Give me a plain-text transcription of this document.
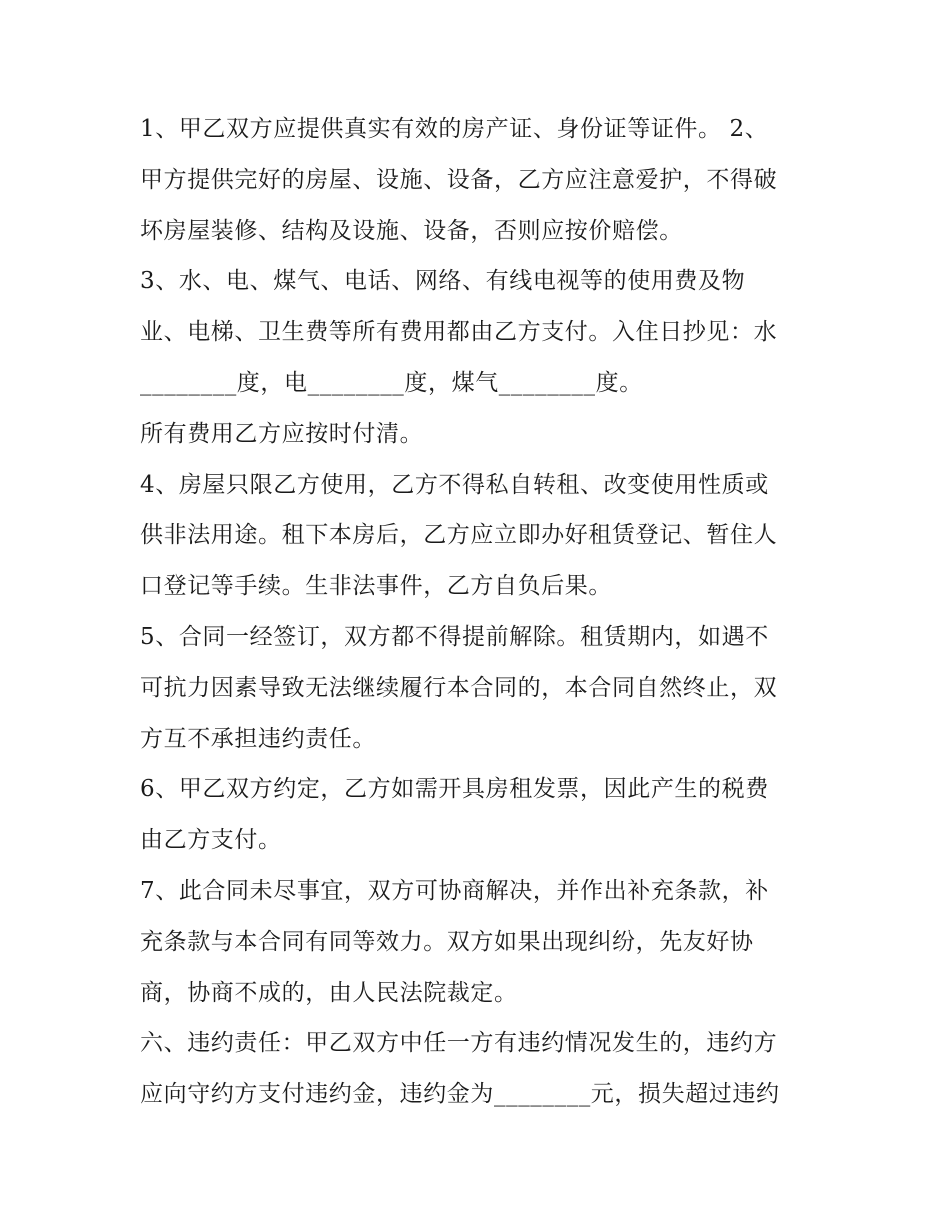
1、甲乙双方应提供真实有效的房产证、身份证等证件。 2、
甲方提供完好的房屋、设施、设备，乙方应注意爱护，不得破
坏房屋装修、结构及设施、设备，否则应按价赔偿。
3、水、电、煤气、电话、网络、有线电视等的使用费及物
业、电梯、卫生费等所有费用都由乙方支付。入住日抄见：水
________度，电________度，煤气________度。
所有费用乙方应按时付清。
4、房屋只限乙方使用，乙方不得私自转租、改变使用性质或
供非法用途。租下本房后，乙方应立即办好租赁登记、暂住人
口登记等手续。生非法事件，乙方自负后果。
5、合同一经签订，双方都不得提前解除。租赁期内，如遇不
可抗力因素导致无法继续履行本合同的，本合同自然终止，双
方互不承担违约责任。
6、甲乙双方约定，乙方如需开具房租发票，因此产生的税费
由乙方支付。
7、此合同未尽事宜，双方可协商解决，并作出补充条款，补
充条款与本合同有同等效力。双方如果出现纠纷，先友好协
商，协商不成的，由人民法院裁定。
六、违约责任：甲乙双方中任一方有违约情况发生的，违约方
应向守约方支付违约金，违约金为________元，损失超过违约
